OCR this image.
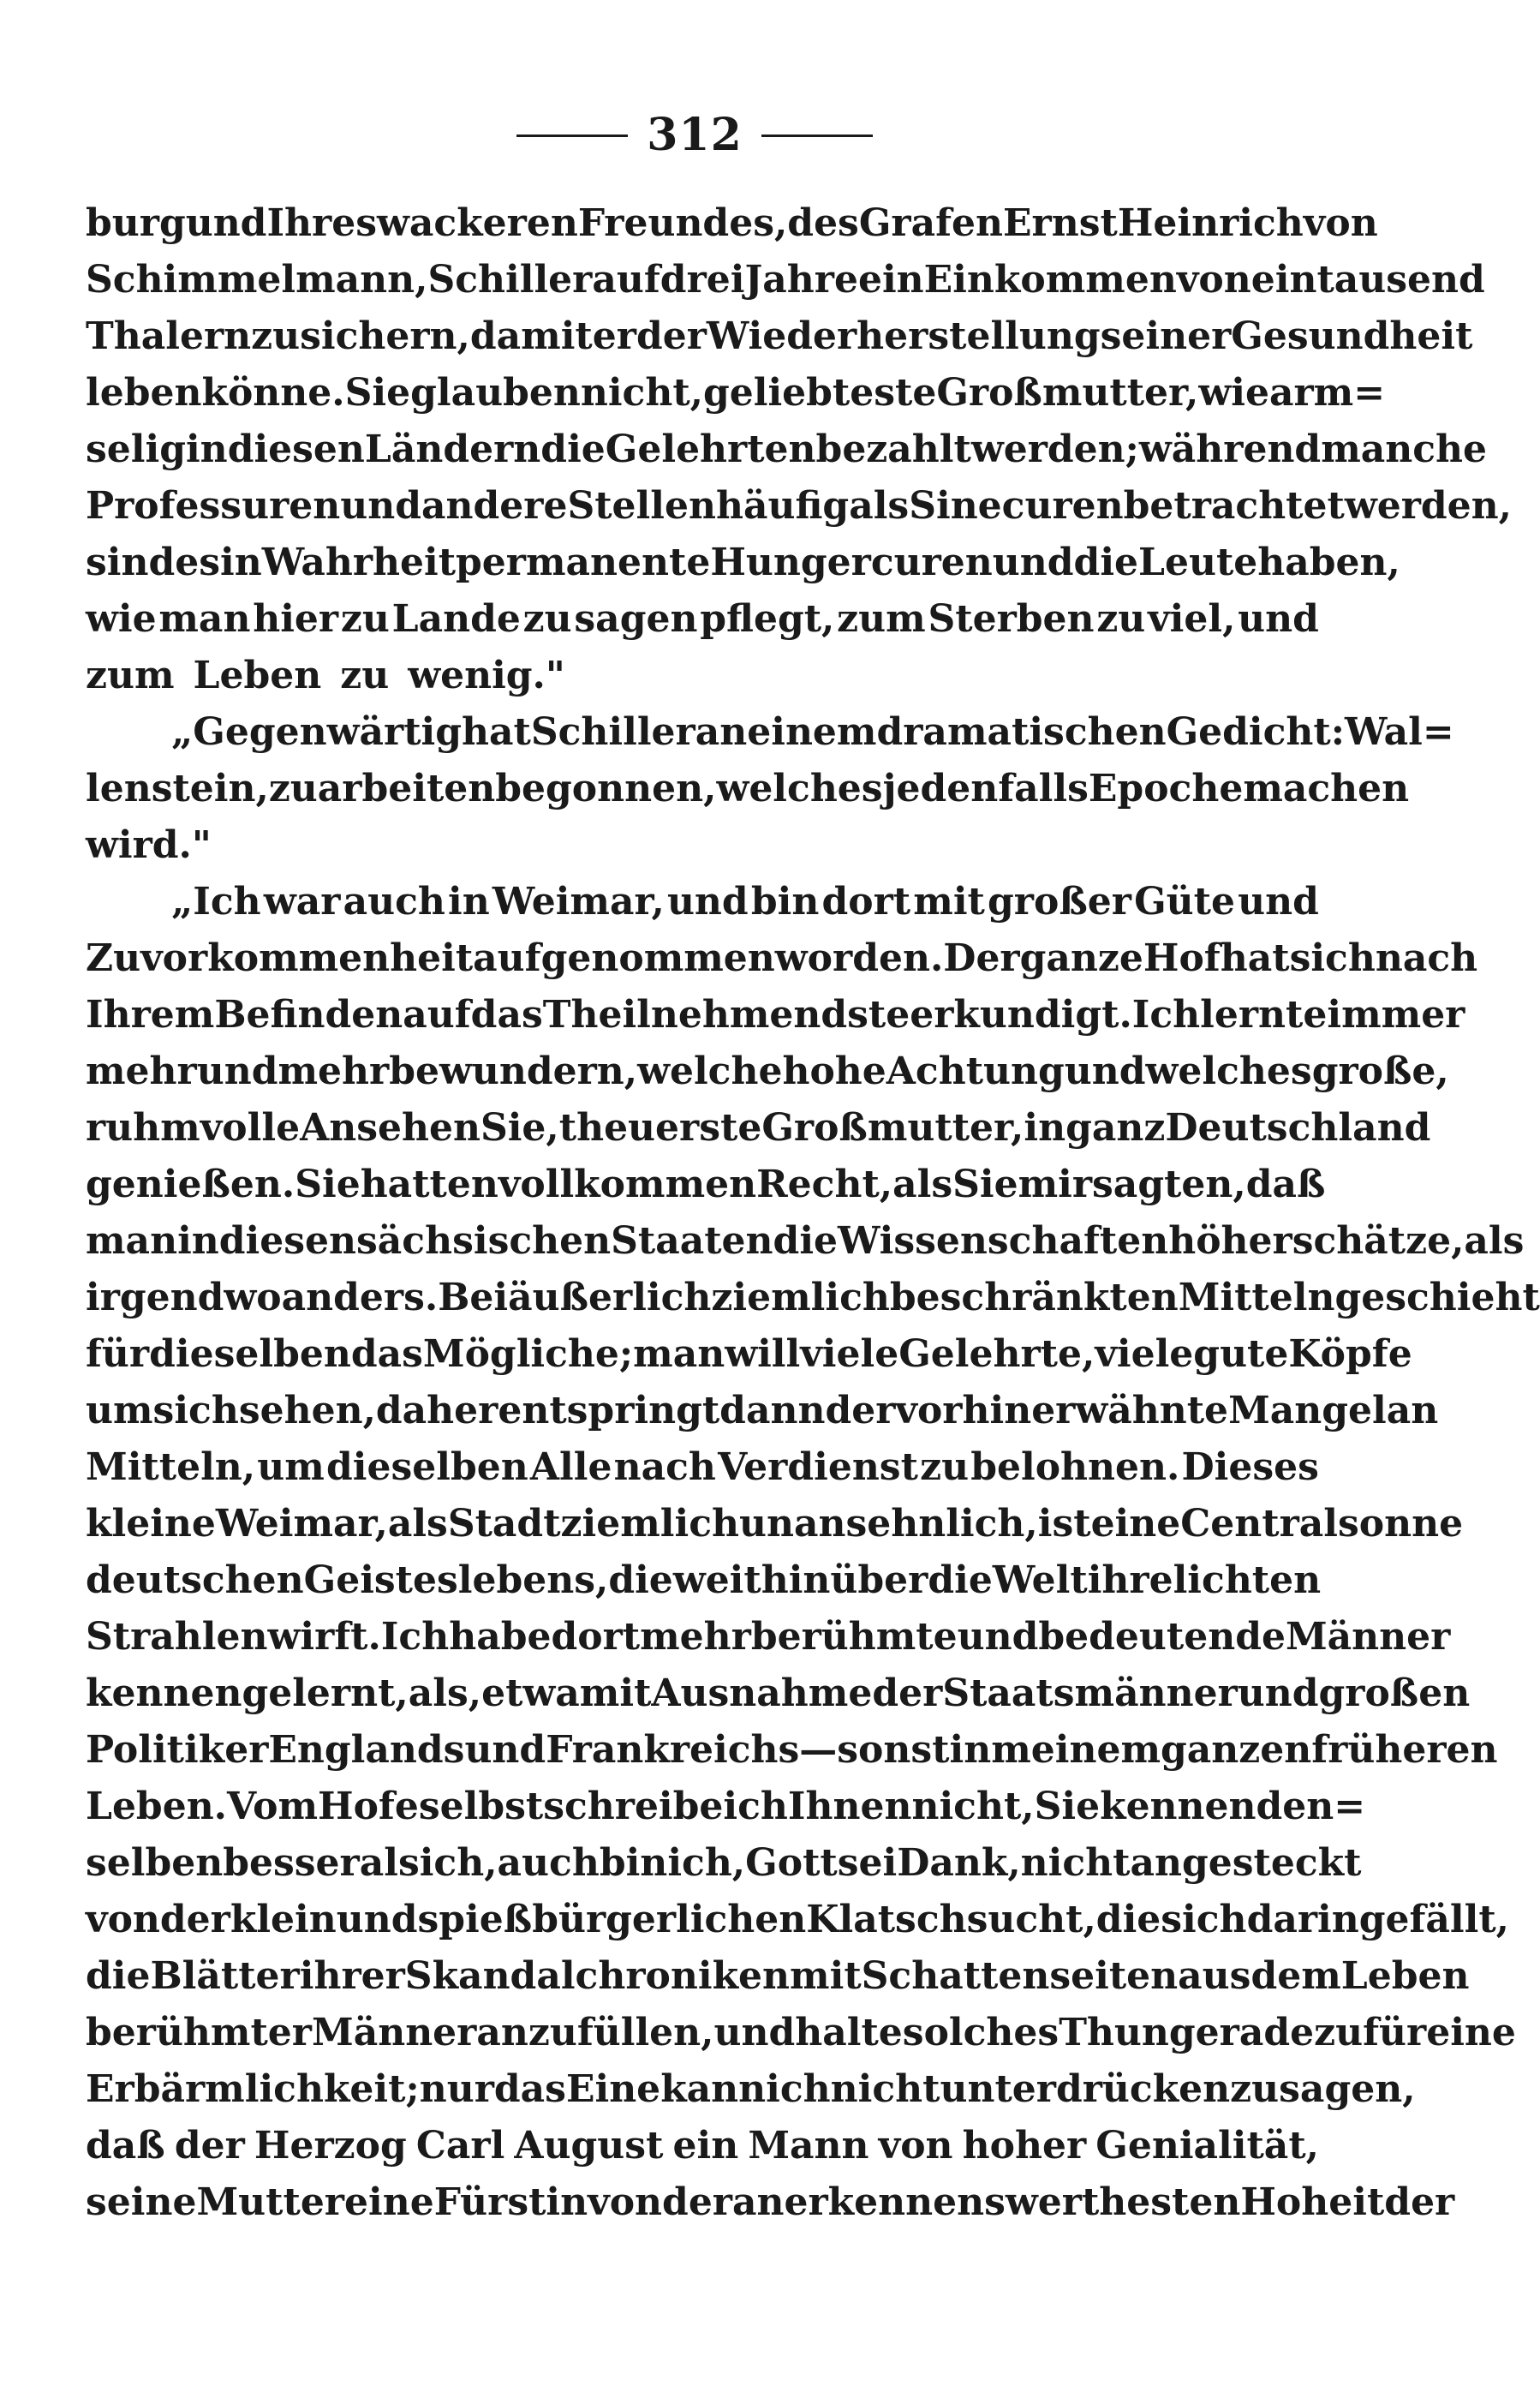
312
burg und Ihres wackeren Freundes, des Grafen Ernst Heinrich von
Schimmelmann, Schiller auf drei Jahre ein Einkommen von eintausend
Thalern zu sichern, damit er der Wiederherstellung seiner Gesundheit
leben könne. Sie glauben nicht, geliebteste Großmutter, wie arm=
selig in diesen Ländern die Gelehrten bezahlt werden; während manche
Professuren und andere Stellen häufig als Sinecuren betrachtet werden,
sind es in Wahrheit permanente Hungercuren und die Leute haben,
wie man hier zu Lande zu sagen pflegt, zum Sterben zu viel, und
zum Leben zu wenig."
„Gegenwärtig hat Schiller an einem dramatischen Gedicht: Wal=
lenstein, zu arbeiten begonnen, welches jedenfalls Epoche machen
wird."
„Ich war auch in Weimar, und bin dort mit großer Güte und
Zuvorkommenheit aufgenommen worden. Der ganze Hof hat sich nach
Ihrem Befinden auf das Theilnehmendste erkundigt. Ich lernte immer
mehr und mehr bewundern, welche hohe Achtung und welches große,
ruhmvolle Ansehen Sie, theuerste Großmutter, in ganz Deutschland
genießen. Sie hatten vollkommen Recht, als Sie mir sagten, daß
man in diesen sächsischen Staaten die Wissenschaften höher schätze, als
irgend wo anders. Bei äußerlich ziemlich beschränkten Mitteln geschieht
für dieselben das Mögliche; man will viele Gelehrte, viele gute Köpfe
um sich sehen, daher entspringt dann der vorhin erwähnte Mangel an
Mitteln, um dieselben Alle nach Verdienst zu belohnen. Dieses
kleine Weimar, als Stadt ziemlich unansehnlich, ist eine Centralsonne
deutschen Geisteslebens, die weithin über die Welt ihre lichten
Strahlen wirft. Ich habe dort mehr berühmte und bedeutende Männer
kennen gelernt, als, etwa mit Ausnahme der Staatsmänner und großen
Politiker Englands und Frankreichs — sonst in meinem ganzen früheren
Leben. Vom Hofe selbst schreibe ich Ihnen nicht, Sie kennen den=
selben besser als ich, auch bin ich, Gott sei Dank, nicht angesteckt
von der klein und spießbürgerlichen Klatschsucht, die sich darin gefällt,
die Blätter ihrer Skandalchroniken mit Schattenseiten aus dem Leben
berühmter Männer anzufüllen, und halte solches Thun geradezu für eine
Erbärmlichkeit; nur das Eine kann ich nicht unterdrücken zu sagen,
daß der Herzog Carl August ein Mann von hoher Genialität,
seine Mutter eine Fürstin von der anerkennenswerthesten Hoheit der
